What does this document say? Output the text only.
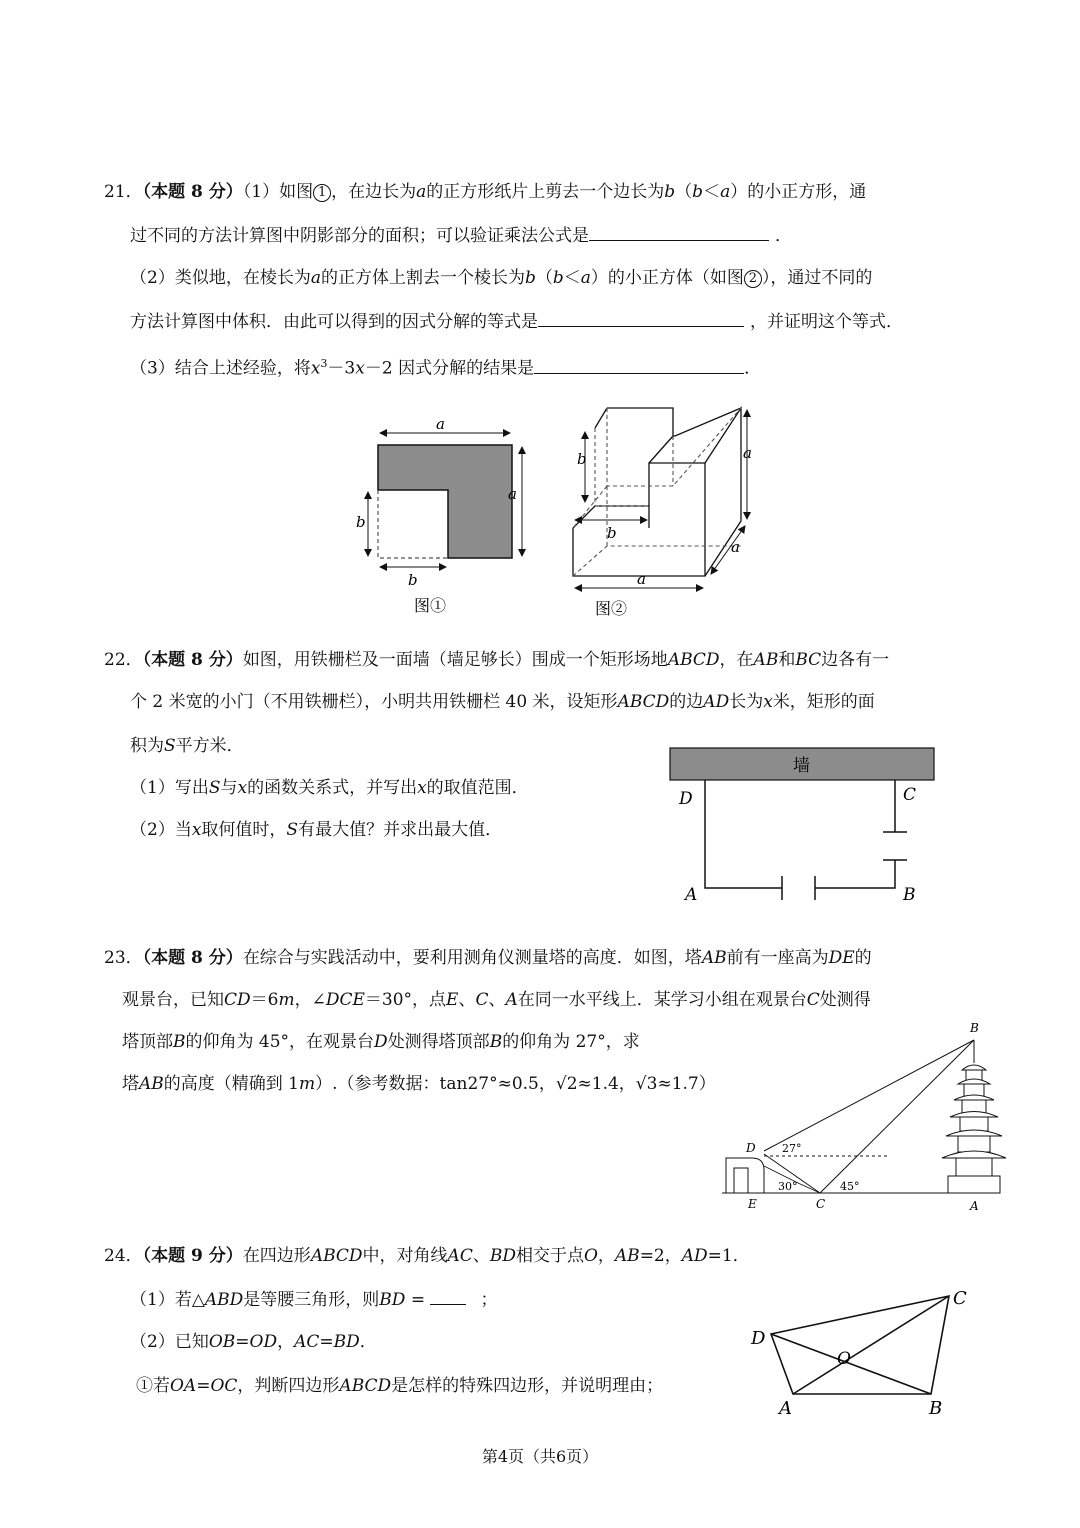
21．（本题 8 分）（1）如图 1 ，在边长为a的正方形纸片上剪去一个边长为b（b＜a）的小正方形，通
过不同的方法计算图中阴影部分的面积；可以验证乘法公式是	．
（2）类似地，在棱长为a的正方体上割去一个棱长为b（b＜a）的小正方体（如图 2 ），通过不同的
方法计算图中体积．由此可以得到的因式分解的等式是	，并证明这个等式．
（3）结合上述经验，将$x^3-3x-2$ 因式分解的结果是	．
a
a
b
b
图①
b	a
b
a
a
图②
22．（本题 8 分）如图，用铁栅栏及一面墙（墙足够长）围成一个矩形场地ABCD，在AB和BC边各有一
个 2 米宽的小门（不用铁栅栏），小明共用铁栅栏 40 米，设矩形ABCD的边AD长为x米，矩形的面
积为S平方米．
（1）写出S与x的函数关系式，并写出x的取值范围．
（2）当x取何值时，S有最大值？并求出最大值．
墙
D	C
A	B
23．（本题 8 分）在综合与实践活动中，要利用测角仪测量塔的高度．如图，塔AB前有一座高为DE的
观景台，已知CD＝6m，∠DCE＝30°，点E、C、A在同一水平线上．某学习小组在观景台C处测得
塔顶部B的仰角为 45°，在观景台D处测得塔顶部B的仰角为 27°，求
塔AB的高度（精确到 1m）.（参考数据：tan27°≈0.5，√2≈1.4，√3≈1.7）
B
D 27°
30°	45°
E	C	A
24．（本题 9 分）在四边形ABCD中，对角线AC、BD相交于点O，AB=2，AD=1．
（1）若△ABD是等腰三角形，则BD =	；
（2）已知OB=OD，AC=BD．
①若OA=OC，判断四边形ABCD是怎样的特殊四边形，并说明理由；
C
D
O
A	B
第4页（共6页）
